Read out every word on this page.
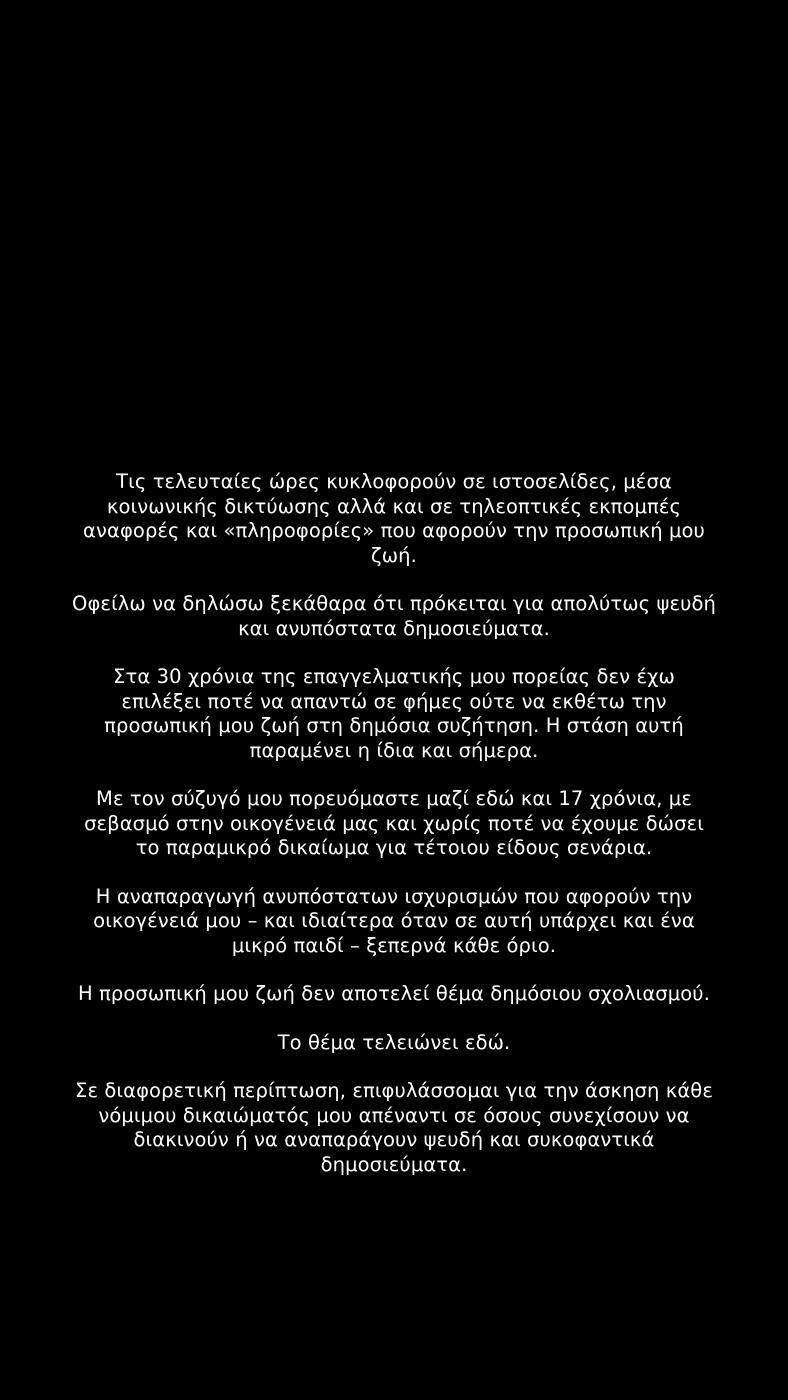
Τις τελευταίες ώρες κυκλοφορούν σε ιστοσελίδες, μέσα
κοινωνικής δικτύωσης αλλά και σε τηλεοπτικές εκπομπές
αναφορές και «πληροφορίες» που αφορούν την προσωπική μου
ζωή.

Οφείλω να δηλώσω ξεκάθαρα ότι πρόκειται για απολύτως ψευδή
και ανυπόστατα δημοσιεύματα.

Στα 30 χρόνια της επαγγελματικής μου πορείας δεν έχω
επιλέξει ποτέ να απαντώ σε φήμες ούτε να εκθέτω την
προσωπική μου ζωή στη δημόσια συζήτηση. Η στάση αυτή
παραμένει η ίδια και σήμερα.

Με τον σύζυγό μου πορευόμαστε μαζί εδώ και 17 χρόνια, με
σεβασμό στην οικογένειά μας και χωρίς ποτέ να έχουμε δώσει
το παραμικρό δικαίωμα για τέτοιου είδους σενάρια.

Η αναπαραγωγή ανυπόστατων ισχυρισμών που αφορούν την
οικογένειά μου – και ιδιαίτερα όταν σε αυτή υπάρχει και ένα
μικρό παιδί – ξεπερνά κάθε όριο.

Η προσωπική μου ζωή δεν αποτελεί θέμα δημόσιου σχολιασμού.

Το θέμα τελειώνει εδώ.

Σε διαφορετική περίπτωση, επιφυλάσσομαι για την άσκηση κάθε
νόμιμου δικαιώματός μου απέναντι σε όσους συνεχίσουν να
διακινούν ή να αναπαράγουν ψευδή και συκοφαντικά
δημοσιεύματα.
